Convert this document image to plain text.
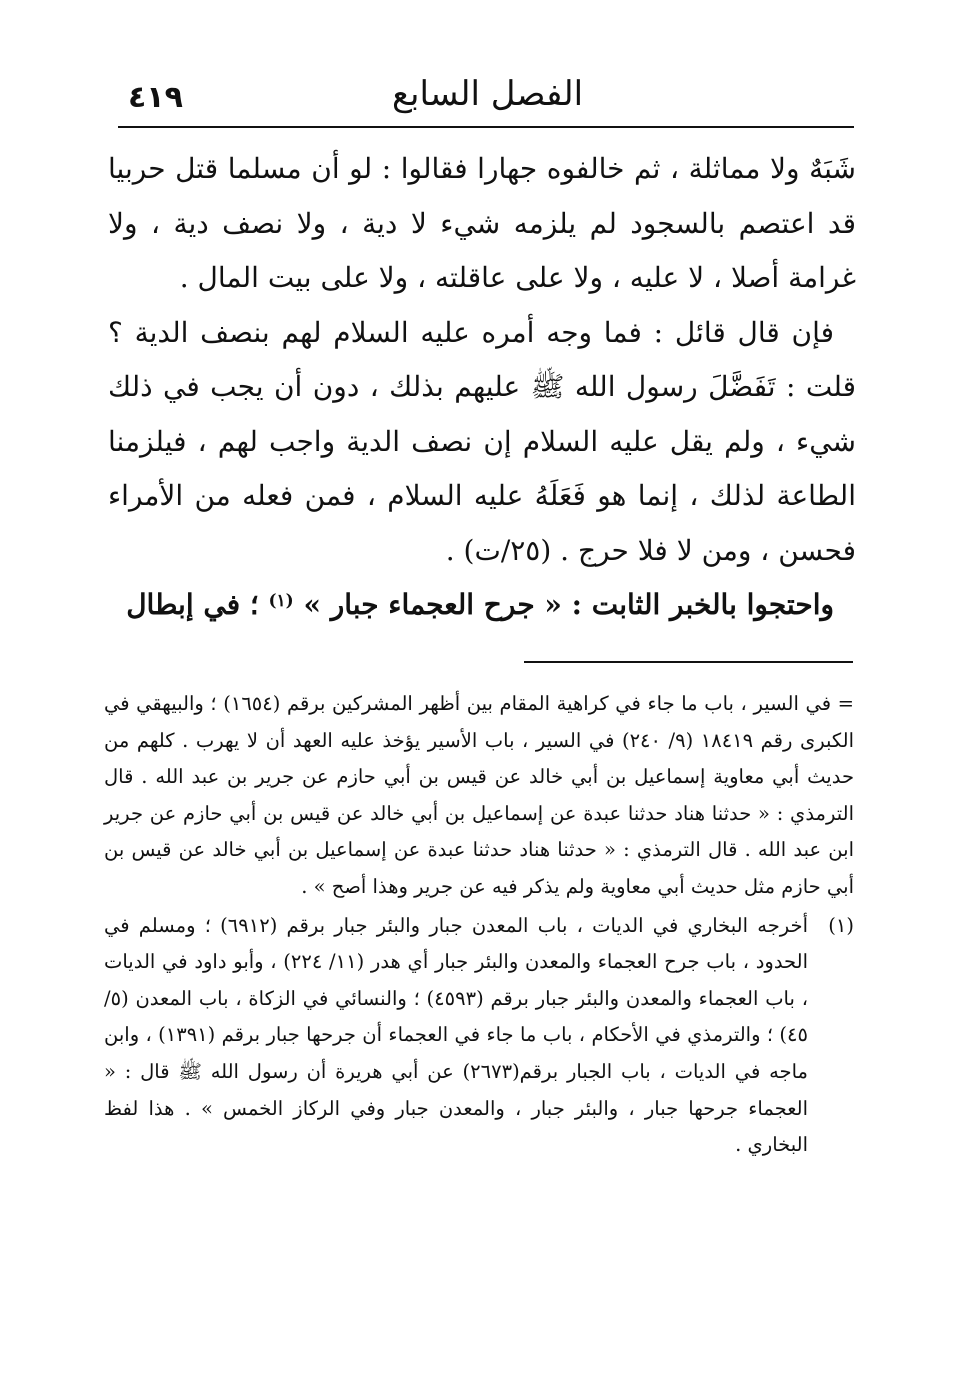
٤١٩	الفصل السابع

شَبَهٌ ولا مماثلة ، ثم خالفوه جهارا فقالوا : لو أن مسلما قتل حربيا قد اعتصم بالسجود لم يلزمه شيء لا دية ، ولا نصف دية ، ولا غرامة أصلا ، لا عليه ، ولا على عاقلته ، ولا على بيت المال .

فإن قال قائل : فما وجه أمره عليه السلام لهم بنصف الدية ؟ قلت : تَفَضَّلَ رسول الله ﷺ عليهم بذلك ، دون أن يجب في ذلك شيء ، ولم يقل عليه السلام إن نصف الدية واجب لهم ، فيلزمنا الطاعة لذلك ، إنما هو فَعَلَهُ عليه السلام ، فمن فعله من الأمراء فحسن ، ومن لا فلا حرج . (٢٥/ت) .

واحتجوا بالخبر الثابت : « جرح العجماء جبار » $^{(١)}$ ؛ في إبطال

= في السير ، باب ما جاء في كراهية المقام بين أظهر المشركين برقم (١٦٥٤) ؛ والبيهقي في الكبرى رقم ١٨٤١٩ (٩/ ٢٤٠) في السير ، باب الأسير يؤخذ عليه العهد أن لا يهرب . كلهم من حديث أبي معاوية إسماعيل بن أبي خالد عن قيس بن أبي حازم عن جرير بن عبد الله . قال الترمذي : « حدثنا هناد حدثنا عبدة عن إسماعيل بن أبي خالد عن قيس بن أبي حازم عن جرير ابن عبد الله . قال الترمذي : « حدثنا هناد حدثنا عبدة عن إسماعيل بن أبي خالد عن قيس بن أبي حازم مثل حديث أبي معاوية ولم يذكر فيه عن جرير وهذا أصح » .

(١)
أخرجه البخاري في الديات ، باب المعدن جبار والبئر جبار برقم (٦٩١٢) ؛ ومسلم في الحدود ، باب جرح العجماء والمعدن والبئر جبار أي هدر (١١/ ٢٢٤) ، وأبو داود في الديات ، باب العجماء والمعدن والبئر جبار برقم (٤٥٩٣) ؛ والنسائي في الزكاة ، باب المعدن (٥/ ٤٥) ؛ والترمذي في الأحكام ، باب ما جاء في العجماء أن جرحها جبار برقم (١٣٩١) ، وابن ماجه في الديات ، باب الجبار برقم(٢٦٧٣) عن أبي هريرة أن رسول الله ﷺ قال : « العجماء جرحها جبار ، والبئر جبار ، والمعدن جبار وفي الركاز الخمس » . هذا لفظ البخاري .
